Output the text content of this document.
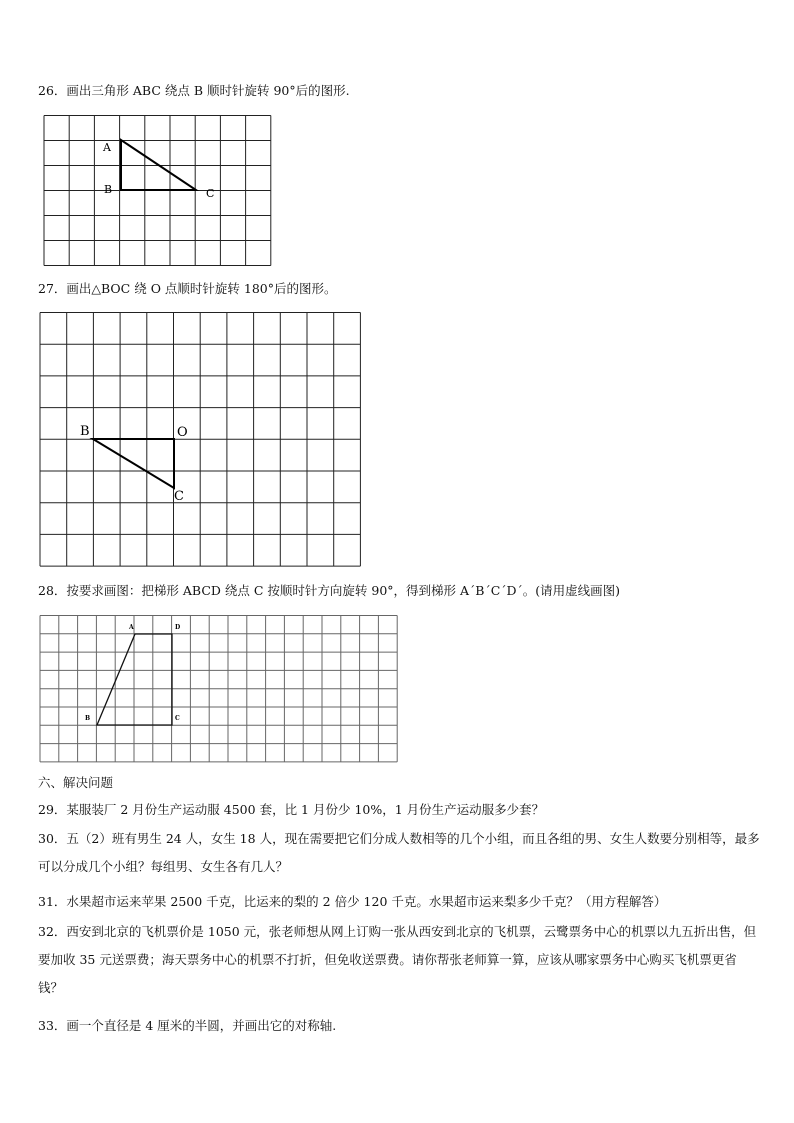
26．画出三角形 ABC 绕点 B 顺时针旋转 90°后的图形.
A
B	C
27．画出△BOC 绕 O 点顺时针旋转 180°后的图形。
B	O
C
28．按要求画图：把梯形 ABCD 绕点 C 按顺时针方向旋转 90°，得到梯形 A´B´C´D´。(请用虚线画图)
A	D
B	C
六、解决问题
29．某服装厂 2 月份生产运动服 4500 套，比 1 月份少 10%，1 月份生产运动服多少套？
30．五（2）班有男生 24 人，女生 18 人，现在需要把它们分成人数相等的几个小组，而且各组的男、女生人数要分别相等，最多可以分成几个小组？每组男、女生各有几人？
31．水果超市运来苹果 2500 千克，比运来的梨的 2 倍少 120 千克。水果超市运来梨多少千克？（用方程解答）
32．西安到北京的飞机票价是 1050 元，张老师想从网上订购一张从西安到北京的飞机票，云鹭票务中心的机票以九五折出售，但要加收 35 元送票费；海天票务中心的机票不打折，但免收送票费。请你帮张老师算一算，应该从哪家票务中心购买飞机票更省钱？
33．画一个直径是 4 厘米的半圆，并画出它的对称轴.
